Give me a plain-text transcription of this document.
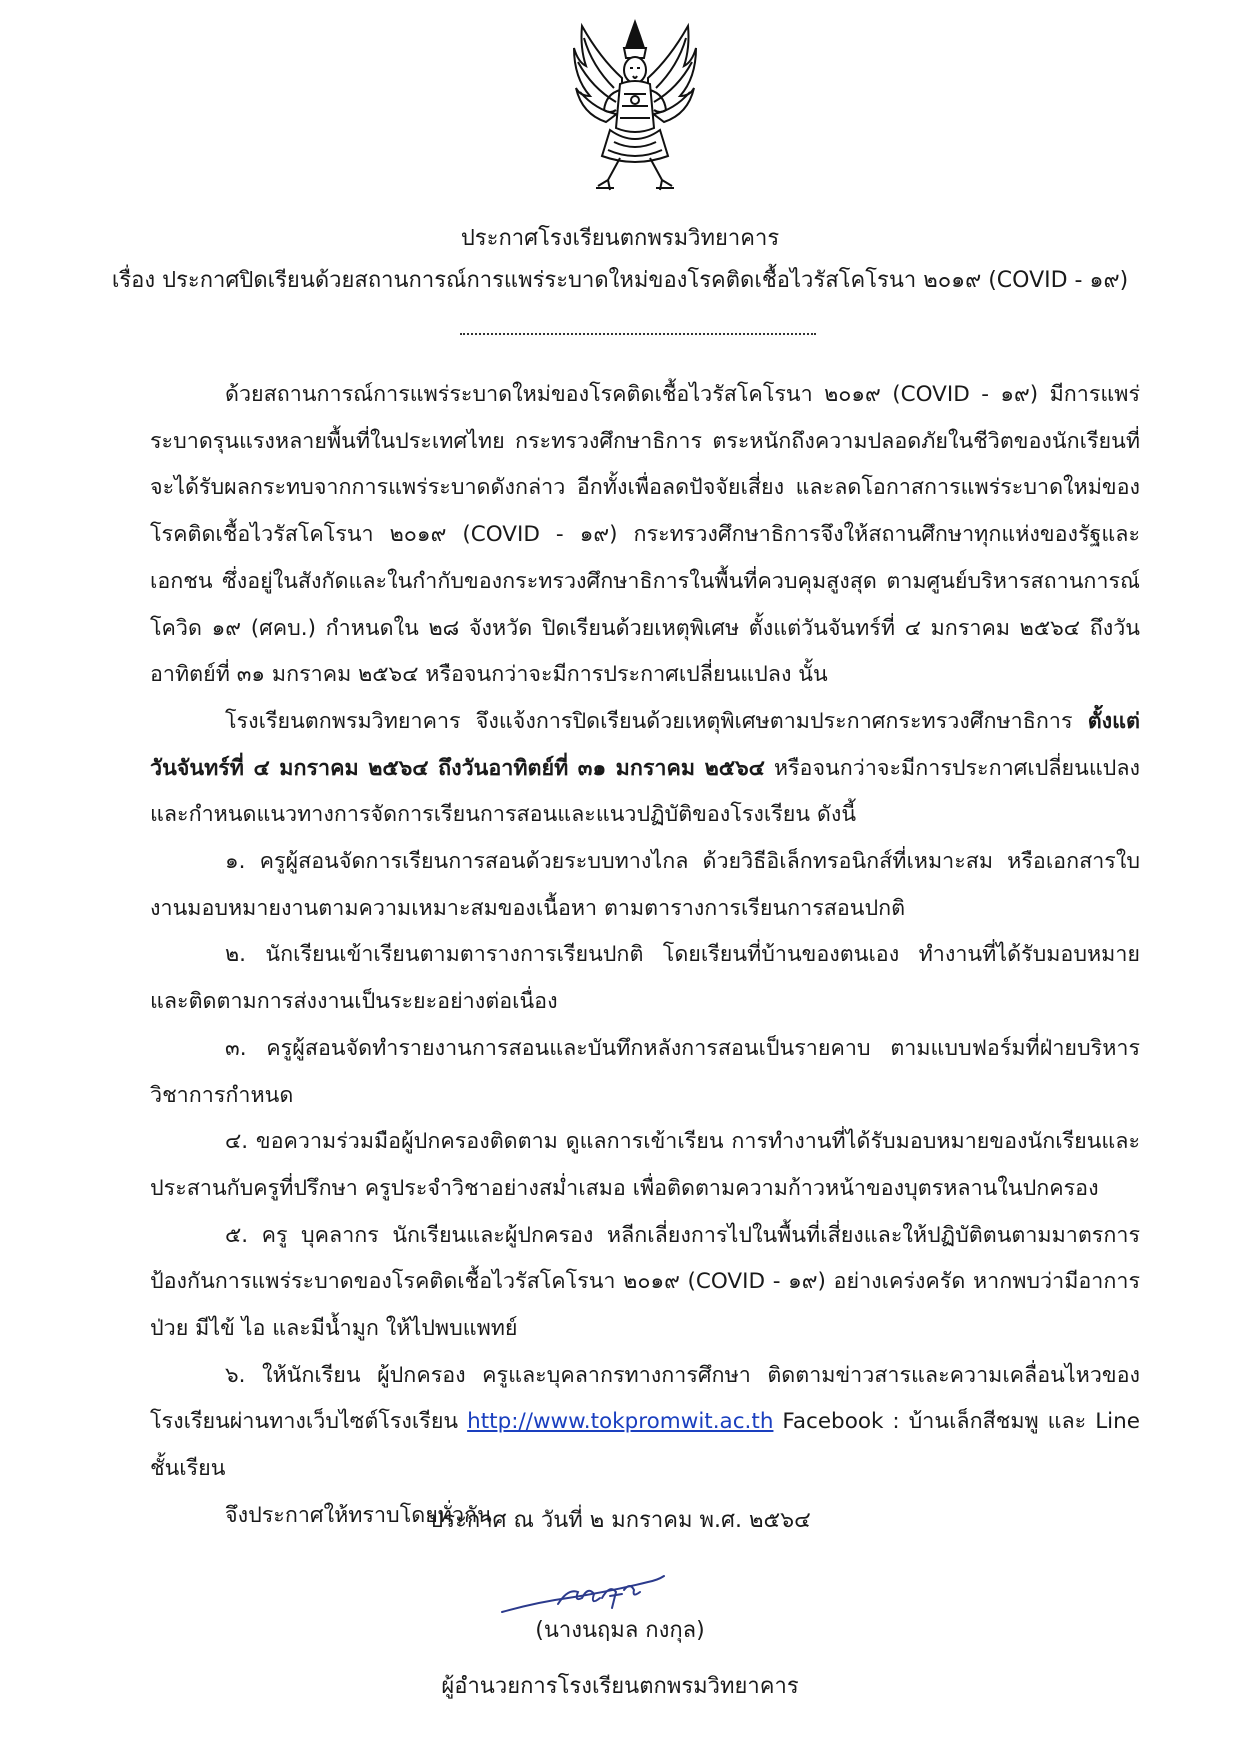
ประกาศโรงเรียนตกพรมวิทยาคาร
เรื่อง ประกาศปิดเรียนด้วยสถานการณ์การแพร่ระบาดใหม่ของโรคติดเชื้อไวรัสโคโรนา ๒๐๑๙ (COVID - ๑๙)

ด้วยสถานการณ์การแพร่ระบาดใหม่ของโรคติดเชื้อไวรัสโคโรนา ๒๐๑๙ (COVID - ๑๙) มีการแพร่ระบาดรุนแรงหลายพื้นที่ในประเทศไทย กระทรวงศึกษาธิการ ตระหนักถึงความปลอดภัยในชีวิตของนักเรียนที่จะได้รับผลกระทบจากการแพร่ระบาดดังกล่าว อีกทั้งเพื่อลดปัจจัยเสี่ยง และลดโอกาสการแพร่ระบาดใหม่ของโรคติดเชื้อไวรัสโคโรนา ๒๐๑๙ (COVID - ๑๙) กระทรวงศึกษาธิการจึงให้สถานศึกษาทุกแห่งของรัฐและเอกชน ซึ่งอยู่ในสังกัดและในกำกับของกระทรวงศึกษาธิการในพื้นที่ควบคุมสูงสุด ตามศูนย์บริหารสถานการณ์โควิด ๑๙ (ศคบ.) กำหนดใน ๒๘ จังหวัด ปิดเรียนด้วยเหตุพิเศษ ตั้งแต่วันจันทร์ที่ ๔ มกราคม ๒๕๖๔ ถึงวันอาทิตย์ที่ ๓๑ มกราคม ๒๕๖๔ หรือจนกว่าจะมีการประกาศเปลี่ยนแปลง นั้น

โรงเรียนตกพรมวิทยาคาร จึงแจ้งการปิดเรียนด้วยเหตุพิเศษตามประกาศกระทรวงศึกษาธิการ ตั้งแต่วันจันทร์ที่ ๔ มกราคม ๒๕๖๔ ถึงวันอาทิตย์ที่ ๓๑ มกราคม ๒๕๖๔ หรือจนกว่าจะมีการประกาศเปลี่ยนแปลงและกำหนดแนวทางการจัดการเรียนการสอนและแนวปฏิบัติของโรงเรียน ดังนี้

๑. ครูผู้สอนจัดการเรียนการสอนด้วยระบบทางไกล ด้วยวิธีอิเล็กทรอนิกส์ที่เหมาะสม หรือเอกสารใบงานมอบหมายงานตามความเหมาะสมของเนื้อหา ตามตารางการเรียนการสอนปกติ

๒. นักเรียนเข้าเรียนตามตารางการเรียนปกติ โดยเรียนที่บ้านของตนเอง ทำงานที่ได้รับมอบหมายและติดตามการส่งงานเป็นระยะอย่างต่อเนื่อง

๓. ครูผู้สอนจัดทำรายงานการสอนและบันทึกหลังการสอนเป็นรายคาบ ตามแบบฟอร์มที่ฝ่ายบริหารวิชาการกำหนด

๔. ขอความร่วมมือผู้ปกครองติดตาม ดูแลการเข้าเรียน การทำงานที่ได้รับมอบหมายของนักเรียนและประสานกับครูที่ปรึกษา ครูประจำวิชาอย่างสม่ำเสมอ เพื่อติดตามความก้าวหน้าของบุตรหลานในปกครอง

๕. ครู บุคลากร นักเรียนและผู้ปกครอง หลีกเลี่ยงการไปในพื้นที่เสี่ยงและให้ปฏิบัติตนตามมาตรการป้องกันการแพร่ระบาดของโรคติดเชื้อไวรัสโคโรนา ๒๐๑๙ (COVID - ๑๙) อย่างเคร่งครัด หากพบว่ามีอาการ ป่วย มีไข้ ไอ และมีน้ำมูก ให้ไปพบแพทย์

๖. ให้นักเรียน ผู้ปกครอง ครูและบุคลากรทางการศึกษา ติดตามข่าวสารและความเคลื่อนไหวของโรงเรียนผ่านทางเว็บไซต์โรงเรียน http://www.tokpromwit.ac.th Facebook : บ้านเล็กสีชมพู และ Line ชั้นเรียน

จึงประกาศให้ทราบโดยทั่วกัน

ประกาศ ณ วันที่ ๒ มกราคม พ.ศ. ๒๕๖๔
(นางนฤมล กงกุล)
ผู้อำนวยการโรงเรียนตกพรมวิทยาคาร
